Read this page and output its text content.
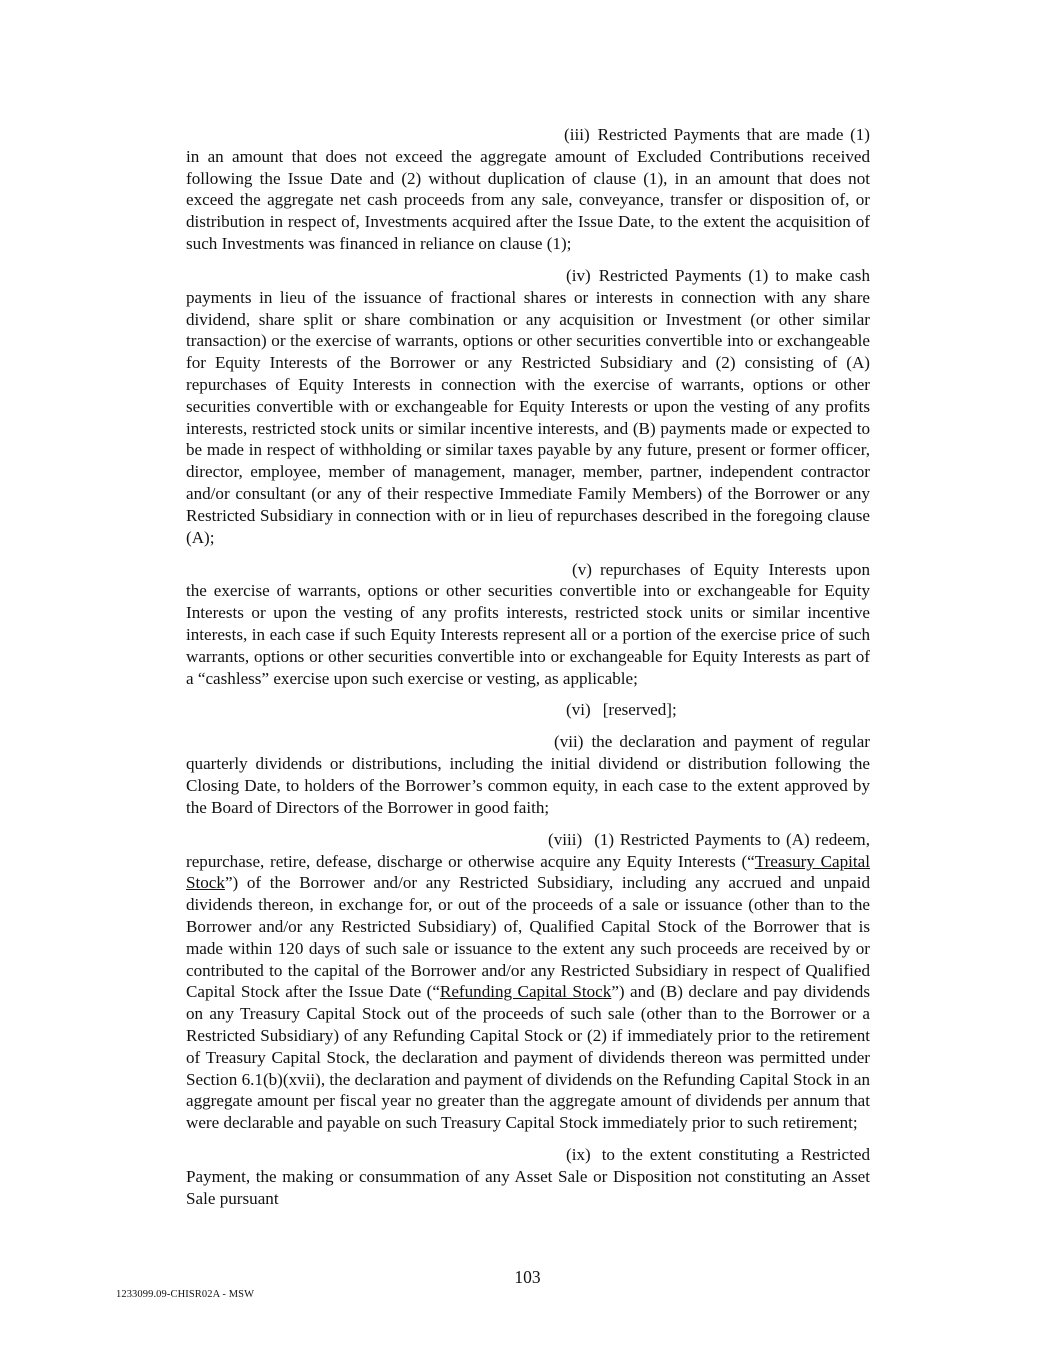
(iii) Restricted Payments that are made (1) in an amount that does not exceed the aggregate amount of Excluded Contributions received following the Issue Date and (2) without duplication of clause (1), in an amount that does not exceed the aggregate net cash proceeds from any sale, conveyance, transfer or disposition of, or distribution in respect of, Investments acquired after the Issue Date, to the extent the acquisition of such Investments was financed in reliance on clause (1);

(iv) Restricted Payments (1) to make cash payments in lieu of the issuance of fractional shares or interests in connection with any share dividend, share split or share combination or any acquisition or Investment (or other similar transaction) or the exercise of warrants, options or other securities convertible into or exchangeable for Equity Interests of the Borrower or any Restricted Subsidiary and (2) consisting of (A) repurchases of Equity Interests in connection with the exercise of warrants, options or other securities convertible with or exchangeable for Equity Interests or upon the vesting of any profits interests, restricted stock units or similar incentive interests, and (B) payments made or expected to be made in respect of withholding or similar taxes payable by any future, present or former officer, director, employee, member of management, manager, member, partner, independent contractor and/or consultant (or any of their respective Immediate Family Members) of the Borrower or any Restricted Subsidiary in connection with or in lieu of repurchases described in the foregoing clause (A);

(v) repurchases of Equity Interests upon the exercise of warrants, options or other securities convertible into or exchangeable for Equity Interests or upon the vesting of any profits interests, restricted stock units or similar incentive interests, in each case if such Equity Interests represent all or a portion of the exercise price of such warrants, options or other securities convertible into or exchangeable for Equity Interests as part of a “cashless” exercise upon such exercise or vesting, as applicable;

(vi) [reserved];

(vii) the declaration and payment of regular quarterly dividends or distributions, including the initial dividend or distribution following the Closing Date, to holders of the Borrower’s common equity, in each case to the extent approved by the Board of Directors of the Borrower in good faith;

(viii) (1) Restricted Payments to (A) redeem, repurchase, retire, defease, discharge or otherwise acquire any Equity Interests (“Treasury Capital Stock”) of the Borrower and/or any Restricted Subsidiary, including any accrued and unpaid dividends thereon, in exchange for, or out of the proceeds of a sale or issuance (other than to the Borrower and/or any Restricted Subsidiary) of, Qualified Capital Stock of the Borrower that is made within 120 days of such sale or issuance to the extent any such proceeds are received by or contributed to the capital of the Borrower and/or any Restricted Subsidiary in respect of Qualified Capital Stock after the Issue Date (“Refunding Capital Stock”) and (B) declare and pay dividends on any Treasury Capital Stock out of the proceeds of such sale (other than to the Borrower or a Restricted Subsidiary) of any Refunding Capital Stock or (2) if immediately prior to the retirement of Treasury Capital Stock, the declaration and payment of dividends thereon was permitted under Section 6.1(b)(xvii), the declaration and payment of dividends on the Refunding Capital Stock in an aggregate amount per fiscal year no greater than the aggregate amount of dividends per annum that were declarable and payable on such Treasury Capital Stock immediately prior to such retirement;

(ix) to the extent constituting a Restricted Payment, the making or consummation of any Asset Sale or Disposition not constituting an Asset Sale pursuant

103
1233099.09-CHISR02A - MSW
